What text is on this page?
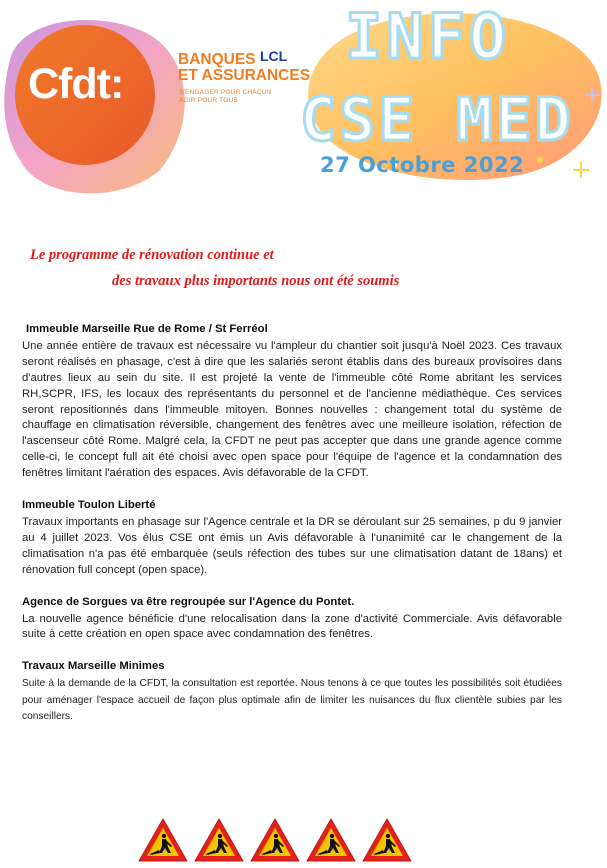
Cfdt:
BANQUES
ET ASSURANCES
LCL
S'ENGAGER POUR CHACUN
AGIR POUR TOUS
INFO
CSE MED
27 Octobre 2022
Le programme de rénovation continue et
des travaux plus importants nous ont été soumis
Immeuble Marseille Rue de Rome / St Ferréol

Une année entière de travaux est nécessaire vu l'ampleur du chantier soit jusqu'à Noël 2023. Ces travaux seront réalisés en phasage, c'est à dire que les salariés seront établis dans des bureaux provisoires dans d'autres lieux au sein du site. Il est projeté la vente de l'immeuble côté Rome abritant les services RH,SCPR, IFS, les locaux des représentants du personnel et de l'ancienne médiathèque. Ces services seront repositionnés dans l'immeuble mitoyen. Bonnes nouvelles : changement total du système de chauffage en climatisation réversible, changement des fenêtres avec une meilleure isolation, réfection de l'ascenseur côté Rome. Malgré cela, la CFDT ne peut pas accepter que dans une grande agence comme celle-ci, le concept full ait été choisi avec open space pour l'équipe de l'agence et la condamnation des fenêtres limitant l'aération des espaces. Avis défavorable de la CFDT.

Immeuble Toulon Liberté

Travaux importants en phasage sur l'Agence centrale et la DR se déroulant sur 25 semaines, p du 9 janvier au 4 juillet 2023. Vos élus CSE ont émis un Avis défavorable à l'unanimité car le changement de la climatisation n'a pas été embarquée (seuls réfection des tubes sur une climatisation datant de 18ans) et rénovation full concept (open space).

Agence de Sorgues va être regroupée sur l'Agence du Pontet.

La nouvelle agence bénéficie d'une relocalisation dans la zone d'activité Commerciale. Avis défavorable suite à cette création en open space avec condamnation des fenêtres.

Travaux Marseille Minimes

Suite à la demande de la CFDT, la consultation est reportée. Nous tenons à ce que toutes les possibilités soit étudiées pour aménager l'espace accueil de façon plus optimale afin de limiter les nuisances du flux clientèle subies par les conseillers.
